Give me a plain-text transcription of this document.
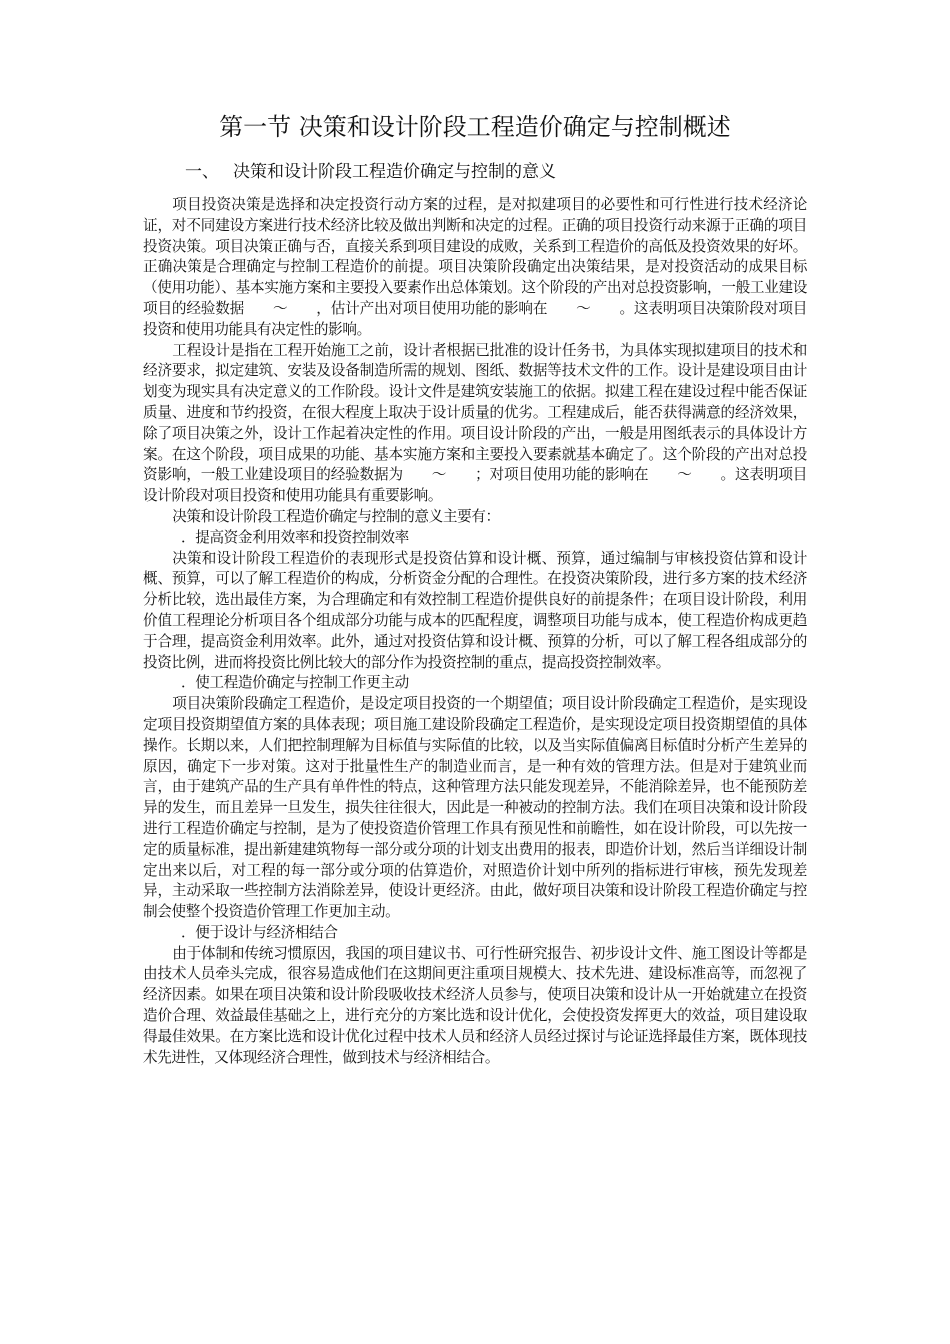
第一节 决策和设计阶段工程造价确定与控制概述
一、 决策和设计阶段工程造价确定与控制的意义

项目投资决策是选择和决定投资行动方案的过程，是对拟建项目的必要性和可行性进行技术经济论证，对不同建设方案进行技术经济比较及做出判断和决定的过程。正确的项目投资行动来源于正确的项目投资决策。项目决策正确与否，直接关系到项目建设的成败，关系到工程造价的高低及投资效果的好坏。正确决策是合理确定与控制工程造价的前提。项目决策阶段确定出决策结果，是对投资活动的成果目标（使用功能）、基本实施方案和主要投入要素作出总体策划。这个阶段的产出对总投资影响，一般工业建设项目的经验数据　　～　　，估计产出对项目使用功能的影响在　　～　　。这表明项目决策阶段对项目投资和使用功能具有决定性的影响。

工程设计是指在工程开始施工之前，设计者根据已批准的设计任务书，为具体实现拟建项目的技术和经济要求，拟定建筑、安装及设备制造所需的规划、图纸、数据等技术文件的工作。设计是建设项目由计划变为现实具有决定意义的工作阶段。设计文件是建筑安装施工的依据。拟建工程在建设过程中能否保证质量、进度和节约投资，在很大程度上取决于设计质量的优劣。工程建成后，能否获得满意的经济效果，除了项目决策之外，设计工作起着决定性的作用。项目设计阶段的产出，一般是用图纸表示的具体设计方案。在这个阶段，项目成果的功能、基本实施方案和主要投入要素就基本确定了。这个阶段的产出对总投资影响，一般工业建设项目的经验数据为　　～　　；对项目使用功能的影响在　　～　　。这表明项目设计阶段对项目投资和使用功能具有重要影响。

决策和设计阶段工程造价确定与控制的意义主要有：

．提高资金利用效率和投资控制效率

决策和设计阶段工程造价的表现形式是投资估算和设计概、预算，通过编制与审核投资估算和设计概、预算，可以了解工程造价的构成，分析资金分配的合理性。在投资决策阶段，进行多方案的技术经济分析比较，选出最佳方案，为合理确定和有效控制工程造价提供良好的前提条件；在项目设计阶段，利用价值工程理论分析项目各个组成部分功能与成本的匹配程度，调整项目功能与成本，使工程造价构成更趋于合理，提高资金利用效率。此外，通过对投资估算和设计概、预算的分析，可以了解工程各组成部分的投资比例，进而将投资比例比较大的部分作为投资控制的重点，提高投资控制效率。

．使工程造价确定与控制工作更主动

项目决策阶段确定工程造价，是设定项目投资的一个期望值；项目设计阶段确定工程造价，是实现设定项目投资期望值方案的具体表现；项目施工建设阶段确定工程造价，是实现设定项目投资期望值的具体操作。长期以来，人们把控制理解为目标值与实际值的比较，以及当实际值偏离目标值时分析产生差异的原因，确定下一步对策。这对于批量性生产的制造业而言，是一种有效的管理方法。但是对于建筑业而言，由于建筑产品的生产具有单件性的特点，这种管理方法只能发现差异，不能消除差异，也不能预防差异的发生，而且差异一旦发生，损失往往很大，因此是一种被动的控制方法。我们在项目决策和设计阶段进行工程造价确定与控制，是为了使投资造价管理工作具有预见性和前瞻性，如在设计阶段，可以先按一定的质量标准，提出新建建筑物每一部分或分项的计划支出费用的报表，即造价计划，然后当详细设计制定出来以后，对工程的每一部分或分项的估算造价，对照造价计划中所列的指标进行审核，预先发现差异，主动采取一些控制方法消除差异，使设计更经济。由此，做好项目决策和设计阶段工程造价确定与控制会使整个投资造价管理工作更加主动。

．便于设计与经济相结合

由于体制和传统习惯原因，我国的项目建议书、可行性研究报告、初步设计文件、施工图设计等都是由技术人员牵头完成，很容易造成他们在这期间更注重项目规模大、技术先进、建设标准高等，而忽视了经济因素。如果在项目决策和设计阶段吸收技术经济人员参与，使项目决策和设计从一开始就建立在投资造价合理、效益最佳基础之上，进行充分的方案比选和设计优化，会使投资发挥更大的效益，项目建设取得最佳效果。在方案比选和设计优化过程中技术人员和经济人员经过探讨与论证选择最佳方案，既体现技术先进性，又体现经济合理性，做到技术与经济相结合。
